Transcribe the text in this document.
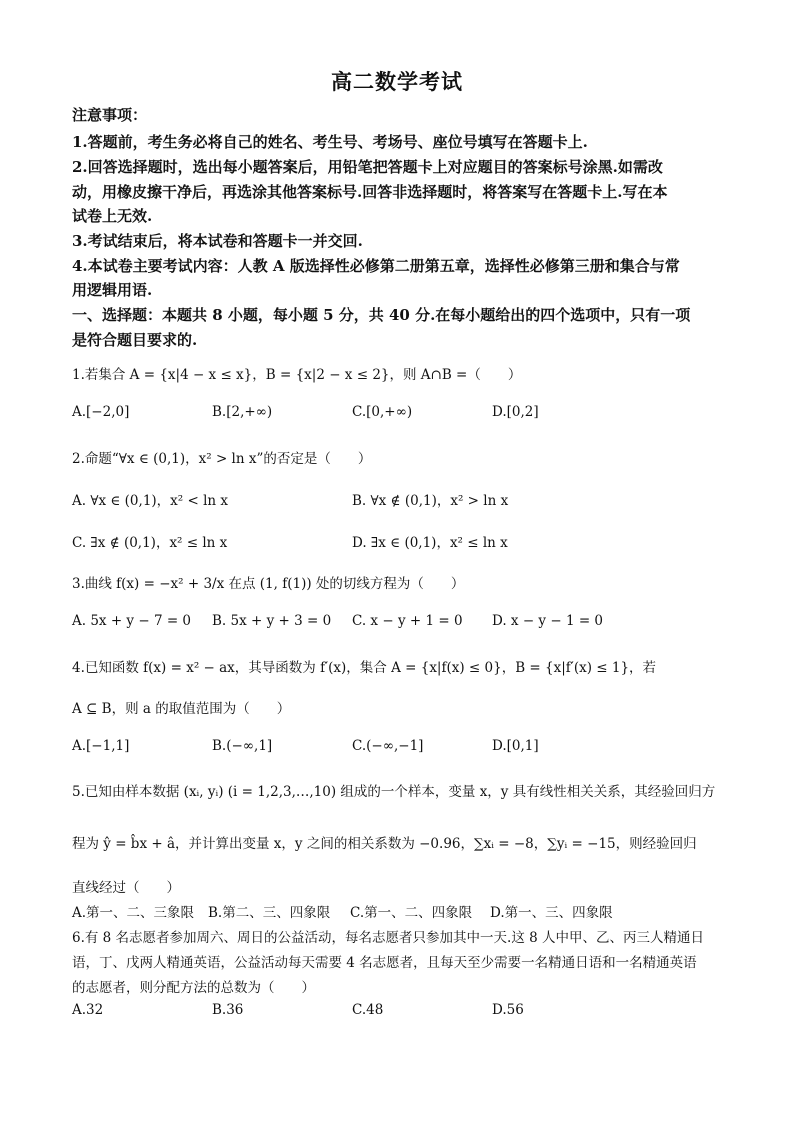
高二数学考试
注意事项：
1.答题前，考生务必将自己的姓名、考生号、考场号、座位号填写在答题卡上.
2.回答选择题时，选出每小题答案后，用铅笔把答题卡上对应题目的答案标号涂黑.如需改
动，用橡皮擦干净后，再选涂其他答案标号.回答非选择题时，将答案写在答题卡上.写在本
试卷上无效.
3.考试结束后，将本试卷和答题卡一并交回.
4.本试卷主要考试内容：人教 A 版选择性必修第二册第五章，选择性必修第三册和集合与常
用逻辑用语.
一、选择题：本题共 8 小题，每小题 5 分，共 40 分.在每小题给出的四个选项中，只有一项
是符合题目要求的.
1.若集合 A = {x|4 − x ≤ x}，B = {x|2 − x ≤ 2}，则 A∩B =（　　）
A.[−2,0]	B.[2,+∞)	C.[0,+∞)	D.[0,2]
2.命题“∀x ∈ (0,1)，x² > ln x”的否定是（　　）
A. ∀x ∈ (0,1)，x² < ln x	B. ∀x ∉ (0,1)，x² > ln x
C. ∃x ∉ (0,1)，x² ≤ ln x	D. ∃x ∈ (0,1)，x² ≤ ln x
3.曲线 f(x) = −x² + 3/x 在点 (1, f(1)) 处的切线方程为（　　）
A. 5x + y − 7 = 0 B. 5x + y + 3 = 0 C. x − y + 1 = 0 D. x − y − 1 = 0
4.已知函数 f(x) = x² − ax，其导函数为 f′(x)，集合 A = {x|f(x) ≤ 0}，B = {x|f′(x) ≤ 1}，若
A ⊆ B，则 a 的取值范围为（　　）
A.[−1,1]	B.(−∞,1]	C.(−∞,−1]	D.[0,1]
5.已知由样本数据 (xᵢ, yᵢ) (i = 1,2,3,…,10) 组成的一个样本，变量 x，y 具有线性相关关系，其经验回归方
程为 ŷ = b̂x + â，并计算出变量 x，y 之间的相关系数为 −0.96，∑xᵢ = −8，∑yᵢ = −15，则经验回归
直线经过（　　）
A.第一、二、三象限 B.第二、三、四象限 C.第一、二、四象限 D.第一、三、四象限
6.有 8 名志愿者参加周六、周日的公益活动，每名志愿者只参加其中一天.这 8 人中甲、乙、丙三人精通日
语，丁、戊两人精通英语，公益活动每天需要 4 名志愿者，且每天至少需要一名精通日语和一名精通英语
的志愿者，则分配方法的总数为（　　）
A.32	B.36	C.48	D.56
